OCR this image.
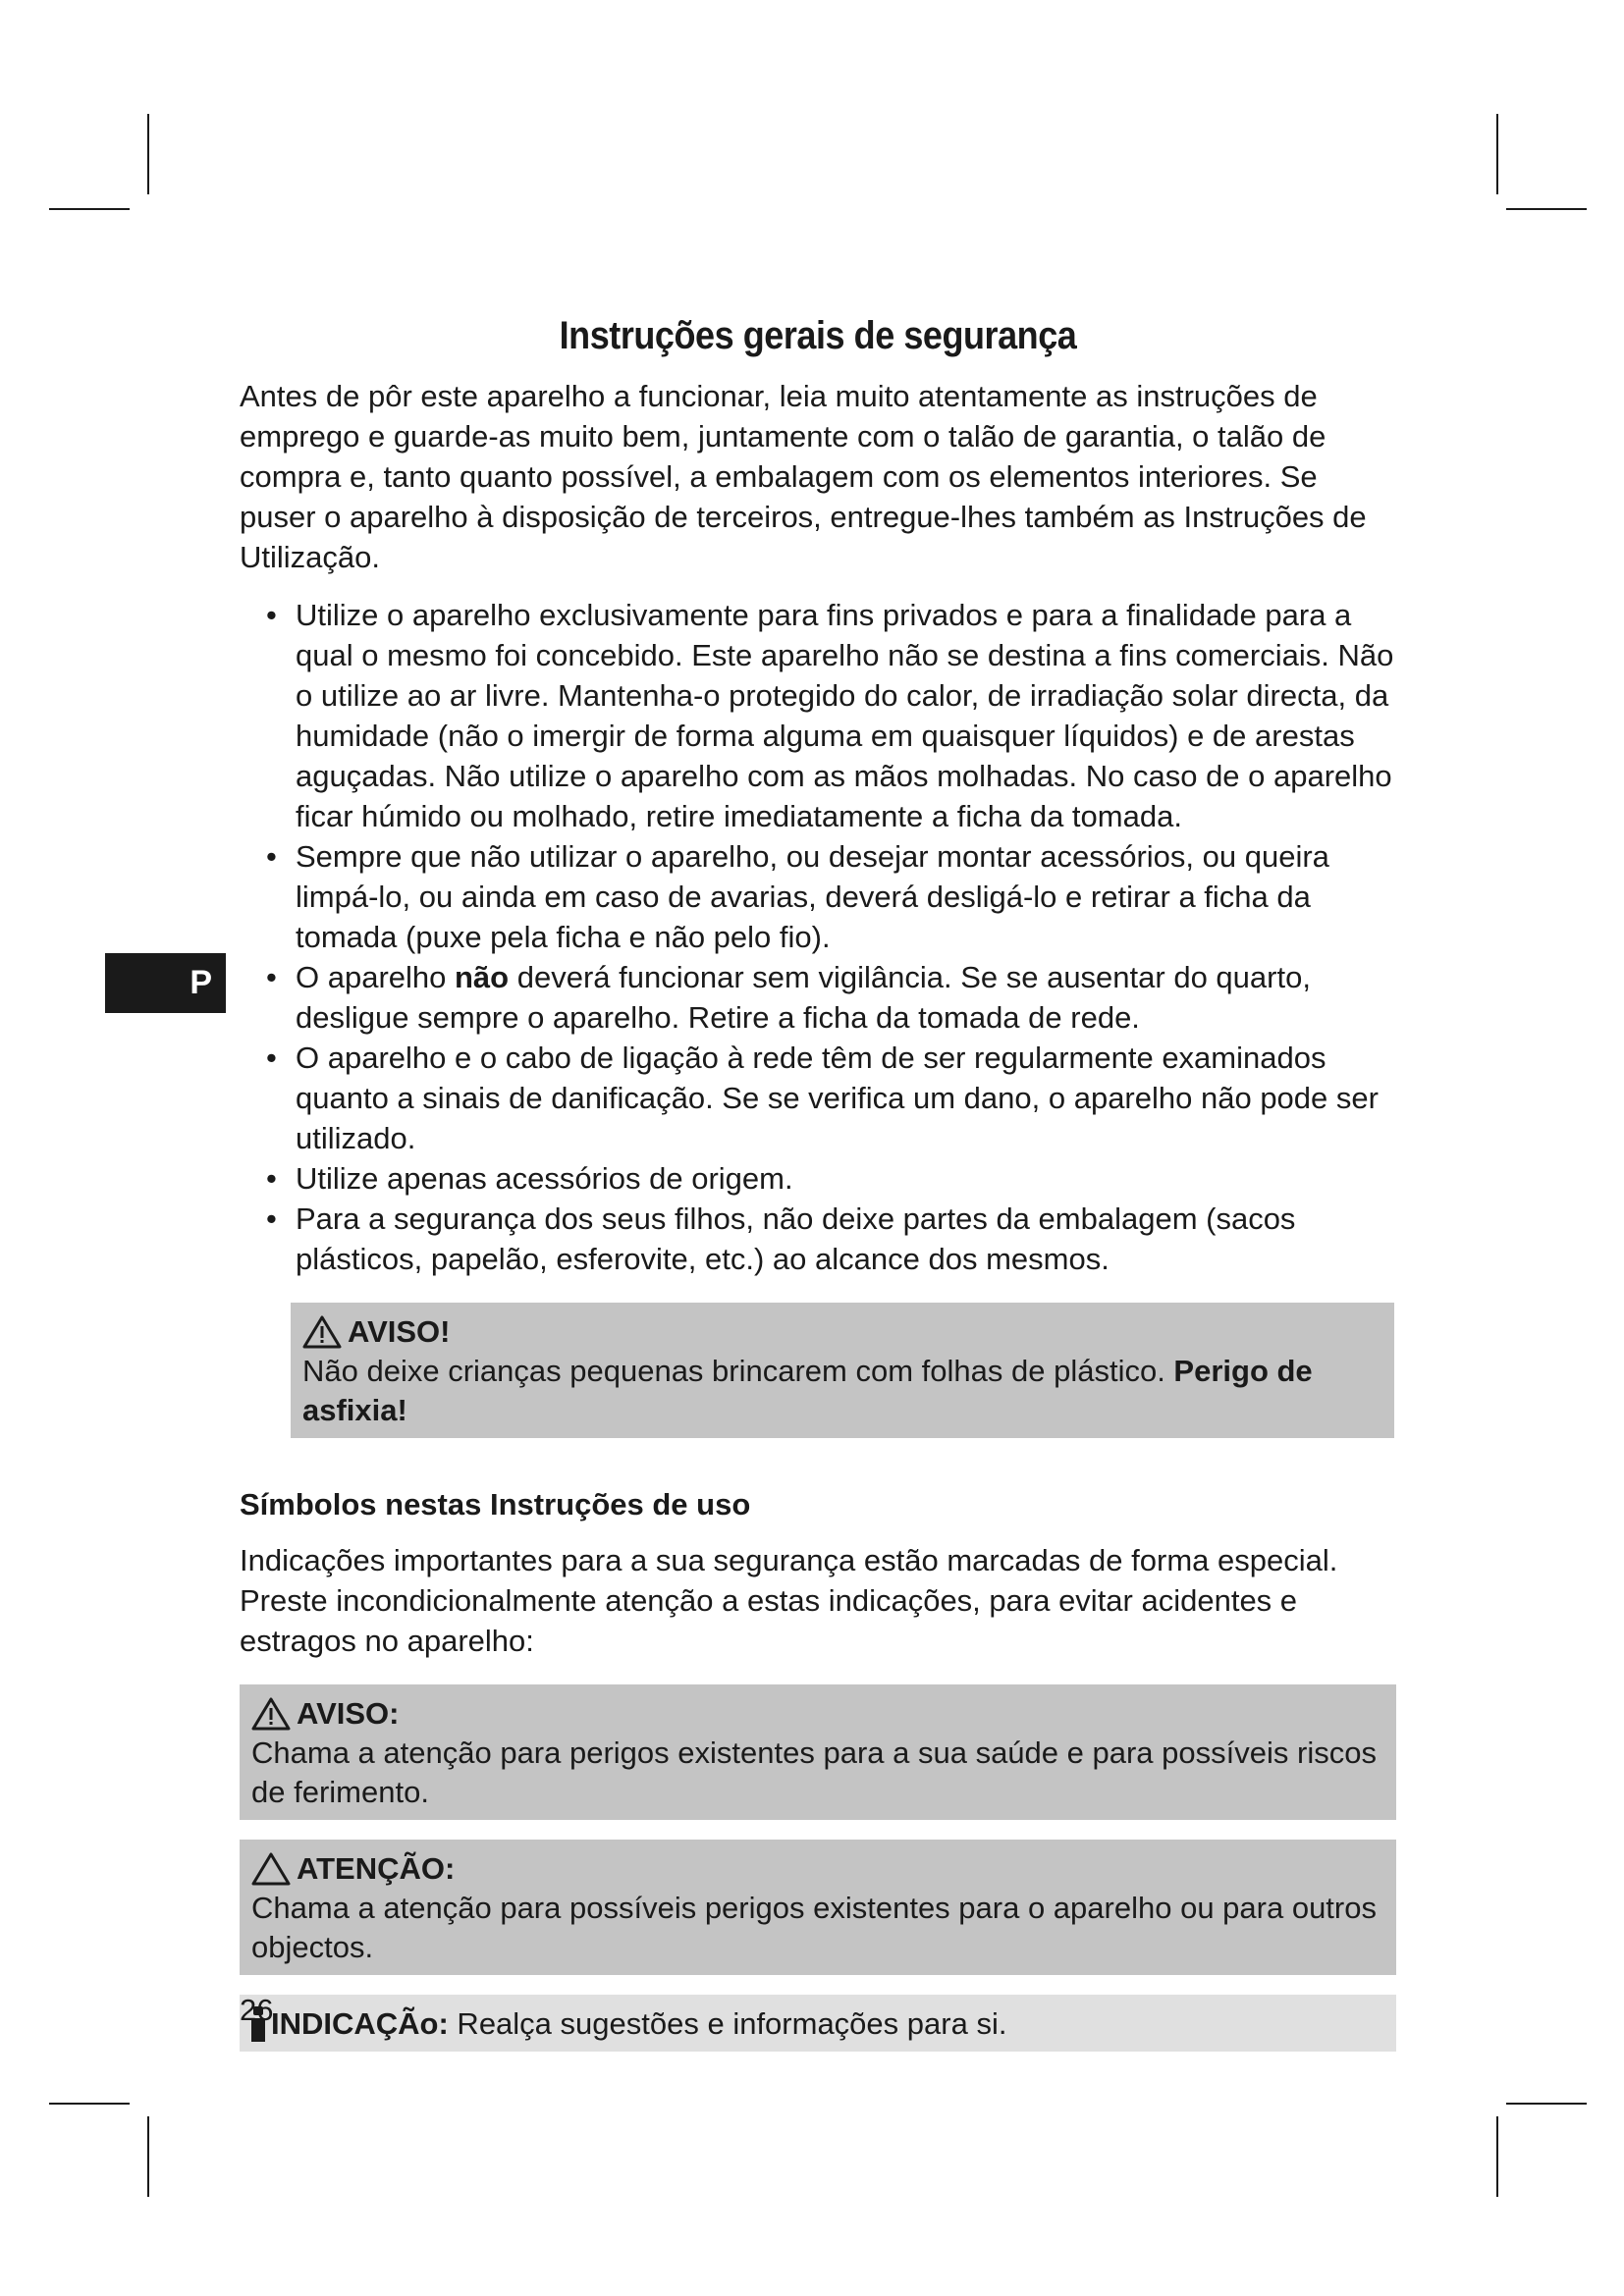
P
Instruções gerais de segurança

Antes de pôr este aparelho a funcionar, leia muito atentamente as instruções de emprego e guarde-as muito bem, juntamente com o talão de garantia, o talão de compra e, tanto quanto possível, a embalagem com os elementos interiores. Se puser o aparelho à disposição de terceiros, entregue-lhes também as Instruções de Utilização.

• Utilize o aparelho exclusivamente para fins privados e para a finalidade para a qual o mesmo foi concebido. Este aparelho não se destina a fins comerciais. Não o utilize ao ar livre. Mantenha-o protegido do calor, de irradiação solar directa, da humidade (não o imergir de forma alguma em quaisquer líquidos) e de arestas aguçadas. Não utilize o aparelho com as mãos molhadas. No caso de o aparelho ficar húmido ou molhado, retire imediatamente a ficha da tomada.
• Sempre que não utilizar o aparelho, ou desejar montar acessórios, ou queira limpá-lo, ou ainda em caso de avarias, deverá desligá-lo e retirar a ficha da tomada (puxe pela ficha e não pelo fio).
• O aparelho não deverá funcionar sem vigilância. Se se ausentar do quarto, desligue sempre o aparelho. Retire a ficha da tomada de rede.
• O aparelho e o cabo de ligação à rede têm de ser regularmente examinados quanto a sinais de danificação. Se se verifica um dano, o aparelho não pode ser utilizado.
• Utilize apenas acessórios de origem.
• Para a segurança dos seus filhos, não deixe partes da embalagem (sacos plásticos, papelão, esferovite, etc.) ao alcance dos mesmos.
AVISO!
Não deixe crianças pequenas brincarem com folhas de plástico. Perigo de asfixia!
Símbolos nestas Instruções de uso

Indicações importantes para a sua segurança estão marcadas de forma especial. Preste incondicionalmente atenção a estas indicações, para evitar acidentes e estragos no aparelho:

AVISO:
Chama a atenção para perigos existentes para a sua saúde e para possíveis riscos de ferimento.
ATENÇÃO:
Chama a atenção para possíveis perigos existentes para o aparelho ou para outros objectos.
INDICAÇÃo: Realça sugestões e informações para si.
26
